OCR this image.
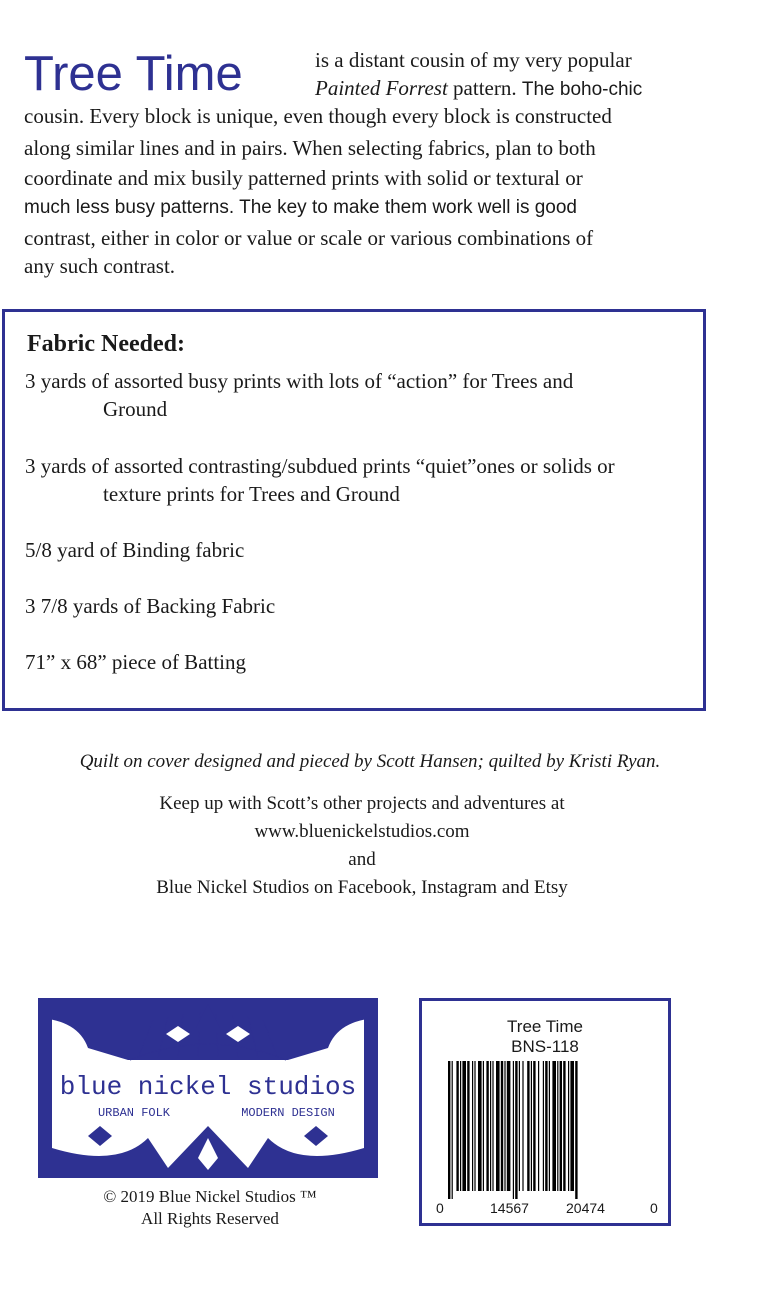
Tree Time	is a distant cousin of my very popular

Painted Forrest pattern. The boho-chic

cousin. Every block is unique, even though every block is constructed

along similar lines and in pairs. When selecting fabrics, plan to both

coordinate and mix busily patterned prints with solid or textural or

much less busy patterns. The key to make them work well is good

contrast, either in color or value or scale or various combinations of

any such contrast.

Fabric Needed:

3 yards of assorted busy prints with lots of “action” for Trees and
Ground

3 yards of assorted contrasting/subdued prints “quiet”ones or solids or
texture prints for Trees and Ground

5/8 yard of Binding fabric

3 7/8 yards of Backing Fabric

71” x 68” piece of Batting

Quilt on cover designed and pieced by Scott Hansen; quilted by Kristi Ryan.

Keep up with Scott’s other projects and adventures at

www.bluenickelstudios.com

and

Blue Nickel Studios on Facebook, Instagram and Etsy

blue nickel studios
URBAN FOLK	MODERN DESIGN

© 2019 Blue Nickel Studios ™

All Rights Reserved

Tree Time

BNS-118

0	14567	20474	0
